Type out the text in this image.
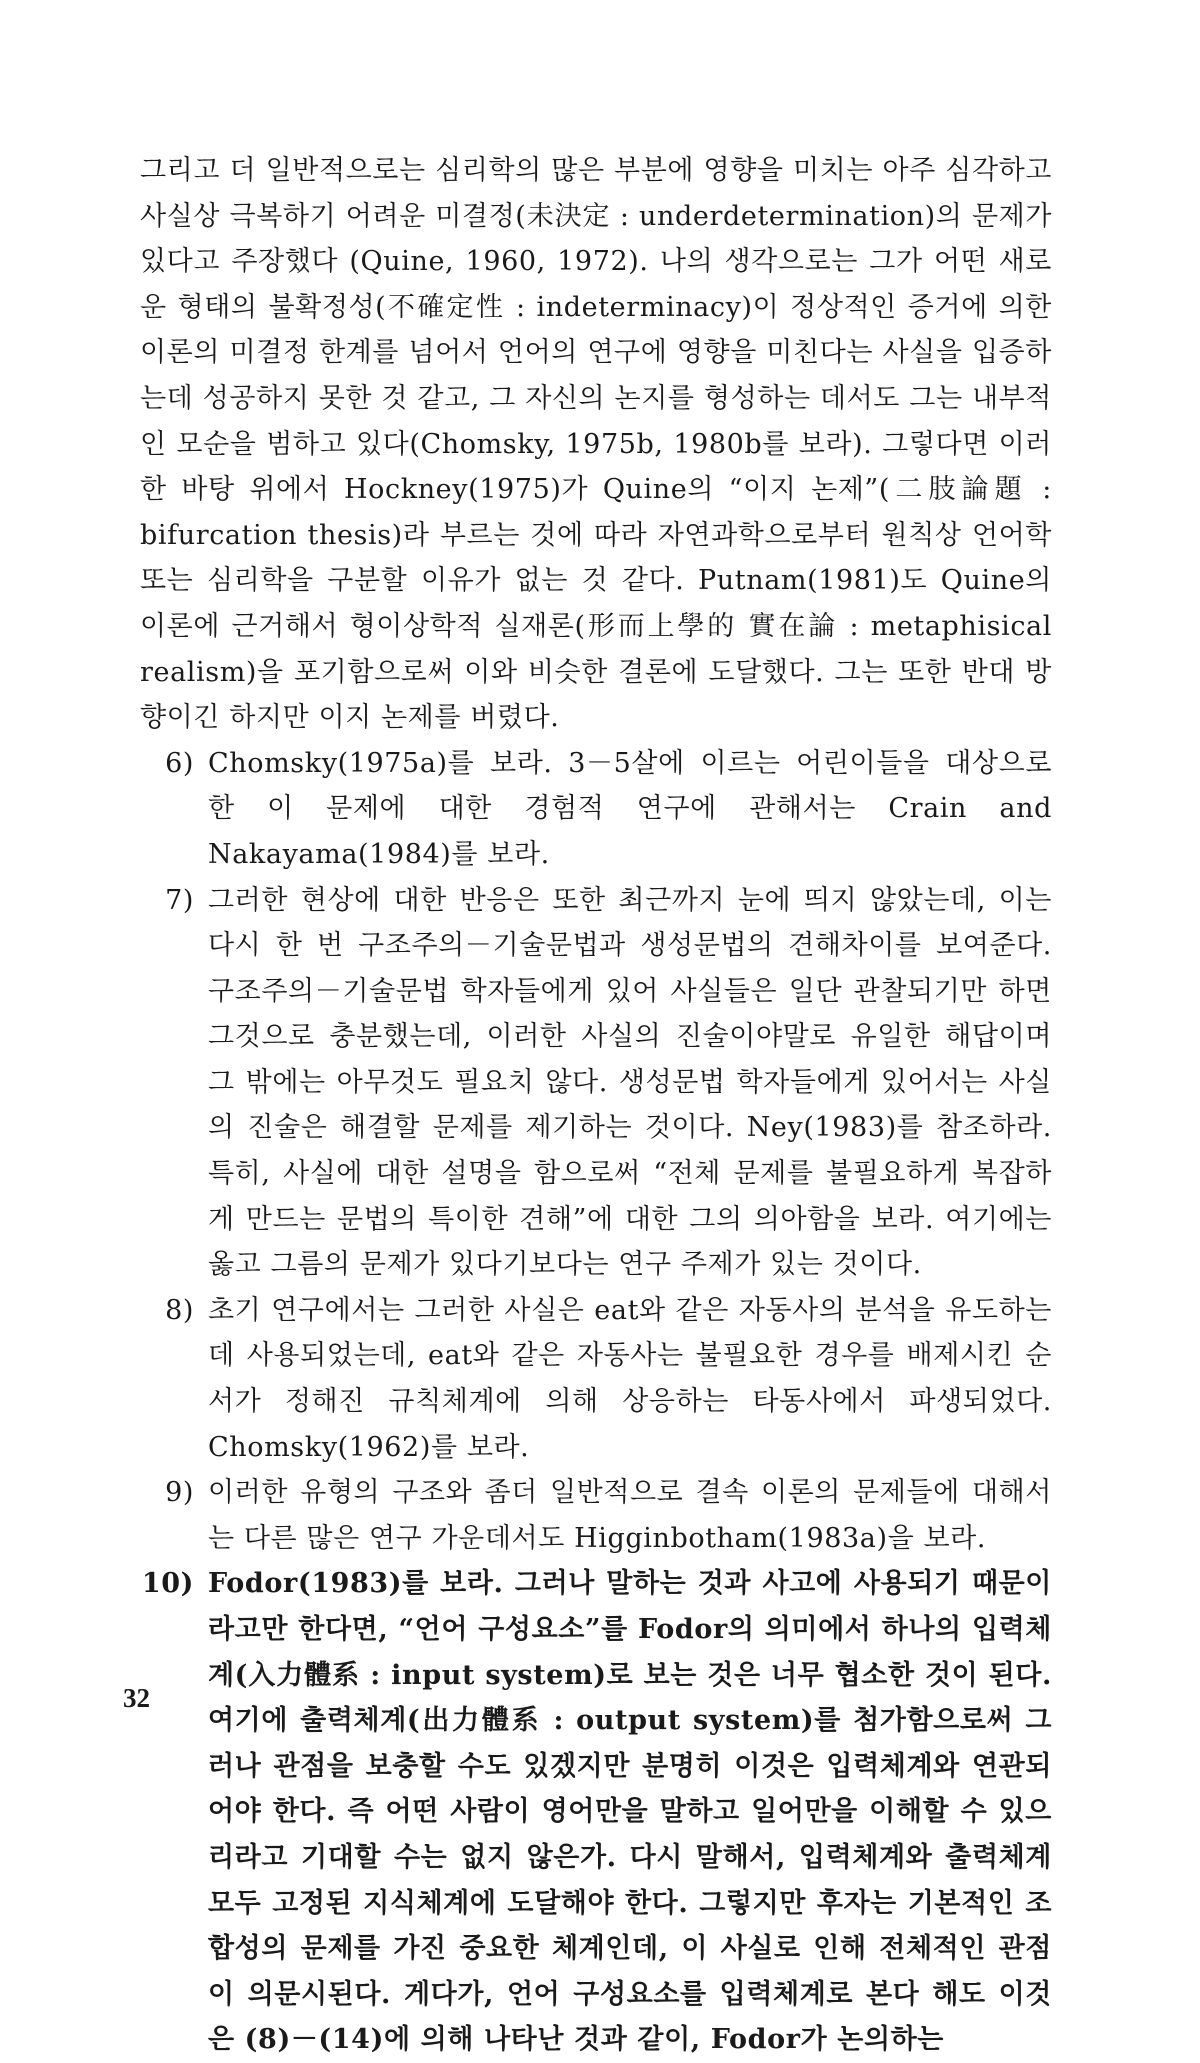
그리고 더 일반적으로는 심리학의 많은 부분에 영향을 미치는 아주 심각하고 사실상 극복하기 어려운 미결정(未決定 : underdetermination)의 문제가 있다고 주장했다 (Quine, 1960, 1972). 나의 생각으로는 그가 어떤 새로운 형태의 불확정성(不確定性 : indeterminacy)이 정상적인 증거에 의한 이론의 미결정 한계를 넘어서 언어의 연구에 영향을 미친다는 사실을 입증하는데 성공하지 못한 것 같고, 그 자신의 논지를 형성하는 데서도 그는 내부적인 모순을 범하고 있다(Chomsky, 1975b, 1980b를 보라). 그렇다면 이러한 바탕 위에서 Hockney(1975)가 Quine의 “이지 논제”(二肢論題 : bifurcation thesis)라 부르는 것에 따라 자연과학으로부터 원칙상 언어학 또는 심리학을 구분할 이유가 없는 것 같다. Putnam(1981)도 Quine의 이론에 근거해서 형이상학적 실재론(形而上學的 實在論 : metaphisical realism)을 포기함으로써 이와 비슷한 결론에 도달했다. 그는 또한 반대 방향이긴 하지만 이지 논제를 버렸다.

6) Chomsky(1975a)를 보라. 3－5살에 이르는 어린이들을 대상으로 한 이 문제에 대한 경험적 연구에 관해서는 Crain and Nakayama(1984)를 보라.

7) 그러한 현상에 대한 반응은 또한 최근까지 눈에 띄지 않았는데, 이는 다시 한 번 구조주의－기술문법과 생성문법의 견해차이를 보여준다. 구조주의－기술문법 학자들에게 있어 사실들은 일단 관찰되기만 하면 그것으로 충분했는데, 이러한 사실의 진술이야말로 유일한 해답이며 그 밖에는 아무것도 필요치 않다. 생성문법 학자들에게 있어서는 사실의 진술은 해결할 문제를 제기하는 것이다. Ney(1983)를 참조하라. 특히, 사실에 대한 설명을 함으로써 “전체 문제를 불필요하게 복잡하게 만드는 문법의 특이한 견해”에 대한 그의 의아함을 보라. 여기에는 옳고 그름의 문제가 있다기보다는 연구 주제가 있는 것이다.

8) 초기 연구에서는 그러한 사실은 eat와 같은 자동사의 분석을 유도하는 데 사용되었는데, eat와 같은 자동사는 불필요한 경우를 배제시킨 순서가 정해진 규칙체계에 의해 상응하는 타동사에서 파생되었다. Chomsky(1962)를 보라.

9) 이러한 유형의 구조와 좀더 일반적으로 결속 이론의 문제들에 대해서는 다른 많은 연구 가운데서도 Higginbotham(1983a)을 보라.

10) Fodor(1983)를 보라. 그러나 말하는 것과 사고에 사용되기 때문이라고만 한다면, “언어 구성요소”를 Fodor의 의미에서 하나의 입력체계(入力體系 : input system)로 보는 것은 너무 협소한 것이 된다. 여기에 출력체계(出力體系 : output system)를 첨가함으로써 그러나 관점을 보충할 수도 있겠지만 분명히 이것은 입력체계와 연관되어야 한다. 즉 어떤 사람이 영어만을 말하고 일어만을 이해할 수 있으리라고 기대할 수는 없지 않은가. 다시 말해서, 입력체계와 출력체계 모두 고정된 지식체계에 도달해야 한다. 그렇지만 후자는 기본적인 조합성의 문제를 가진 중요한 체계인데, 이 사실로 인해 전체적인 관점이 의문시된다. 게다가, 언어 구성요소를 입력체계로 본다 해도 이것은 (8)－(14)에 의해 나타난 것과 같이, Fodor가 논의하는

32
